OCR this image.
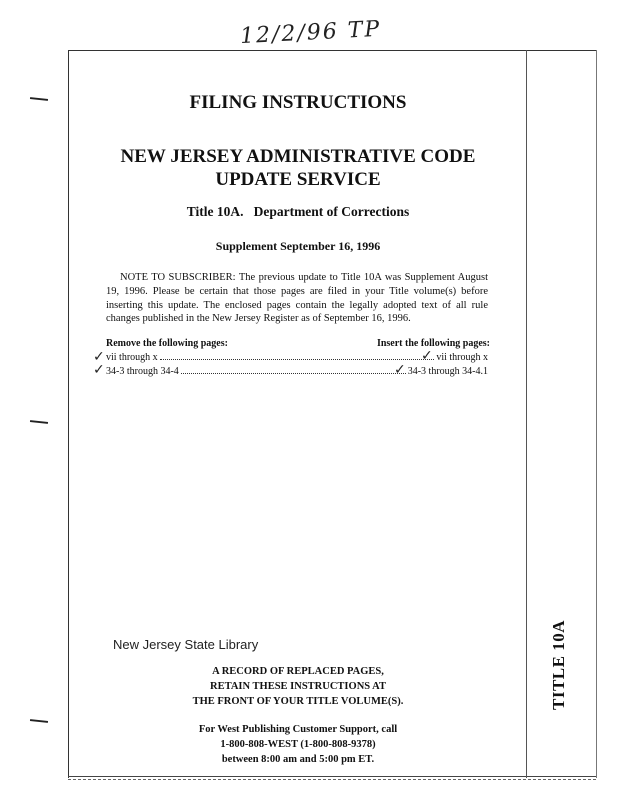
12/2/96 TP
FILING INSTRUCTIONS
NEW JERSEY ADMINISTRATIVE CODE
UPDATE SERVICE
Title 10A.   Department of Corrections
Supplement September 16, 1996
NOTE TO SUBSCRIBER: The previous update to Title 10A was Supplement August 19, 1996. Please be certain that those pages are filed in your Title volume(s) before inserting this update. The enclosed pages contain the legally adopted text of all rule changes published in the New Jersey Register as of September 16, 1996.
Remove the following pages:	Insert the following pages:
vii through x	vii through x
34-3 through 34-4	34-3 through 34-4.1
✓
✓
✓
✓
New Jersey State Library
A RECORD OF REPLACED PAGES,
RETAIN THESE INSTRUCTIONS AT
THE FRONT OF YOUR TITLE VOLUME(S).
For West Publishing Customer Support, call
1-800-808-WEST (1-800-808-9378)
between 8:00 am and 5:00 pm ET.
TITLE 10A
